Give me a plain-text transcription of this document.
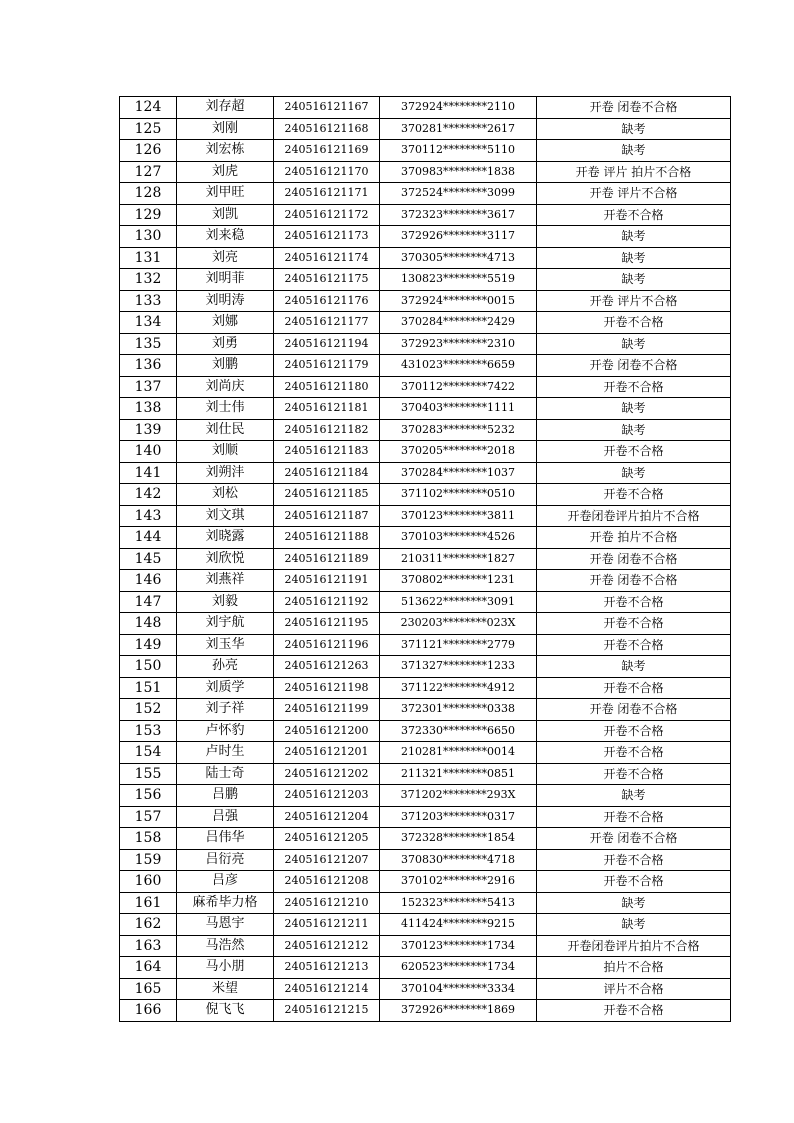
124	刘存超	240516121167	372924********2110	开卷 闭卷不合格
125	刘刚	240516121168	370281********2617	缺考
126	刘宏栋	240516121169	370112********5110	缺考
127	刘虎	240516121170	370983********1838	开卷 评片 拍片不合格
128	刘甲旺	240516121171	372524********3099	开卷 评片不合格
129	刘凯	240516121172	372323********3617	开卷不合格
130	刘来稳	240516121173	372926********3117	缺考
131	刘亮	240516121174	370305********4713	缺考
132	刘明菲	240516121175	130823********5519	缺考
133	刘明涛	240516121176	372924********0015	开卷 评片不合格
134	刘娜	240516121177	370284********2429	开卷不合格
135	刘勇	240516121194	372923********2310	缺考
136	刘鹏	240516121179	431023********6659	开卷 闭卷不合格
137	刘尚庆	240516121180	370112********7422	开卷不合格
138	刘士伟	240516121181	370403********1111	缺考
139	刘仕民	240516121182	370283********5232	缺考
140	刘顺	240516121183	370205********2018	开卷不合格
141	刘朔沣	240516121184	370284********1037	缺考
142	刘松	240516121185	371102********0510	开卷不合格
143	刘文琪	240516121187	370123********3811	开卷闭卷评片拍片不合格
144	刘晓露	240516121188	370103********4526	开卷 拍片不合格
145	刘欣悦	240516121189	210311********1827	开卷 闭卷不合格
146	刘燕祥	240516121191	370802********1231	开卷 闭卷不合格
147	刘毅	240516121192	513622********3091	开卷不合格
148	刘宇航	240516121195	230203********023X	开卷不合格
149	刘玉华	240516121196	371121********2779	开卷不合格
150	孙亮	240516121263	371327********1233	缺考
151	刘质学	240516121198	371122********4912	开卷不合格
152	刘子祥	240516121199	372301********0338	开卷 闭卷不合格
153	卢怀豹	240516121200	372330********6650	开卷不合格
154	卢时生	240516121201	210281********0014	开卷不合格
155	陆士奇	240516121202	211321********0851	开卷不合格
156	吕鹏	240516121203	371202********293X	缺考
157	吕强	240516121204	371203********0317	开卷不合格
158	吕伟华	240516121205	372328********1854	开卷 闭卷不合格
159	吕衍亮	240516121207	370830********4718	开卷不合格
160	吕彦	240516121208	370102********2916	开卷不合格
161	麻希毕力格	240516121210	152323********5413	缺考
162	马恩宇	240516121211	411424********9215	缺考
163	马浩然	240516121212	370123********1734	开卷闭卷评片拍片不合格
164	马小朋	240516121213	620523********1734	拍片不合格
165	米望	240516121214	370104********3334	评片不合格
166	倪飞飞	240516121215	372926********1869	开卷不合格
